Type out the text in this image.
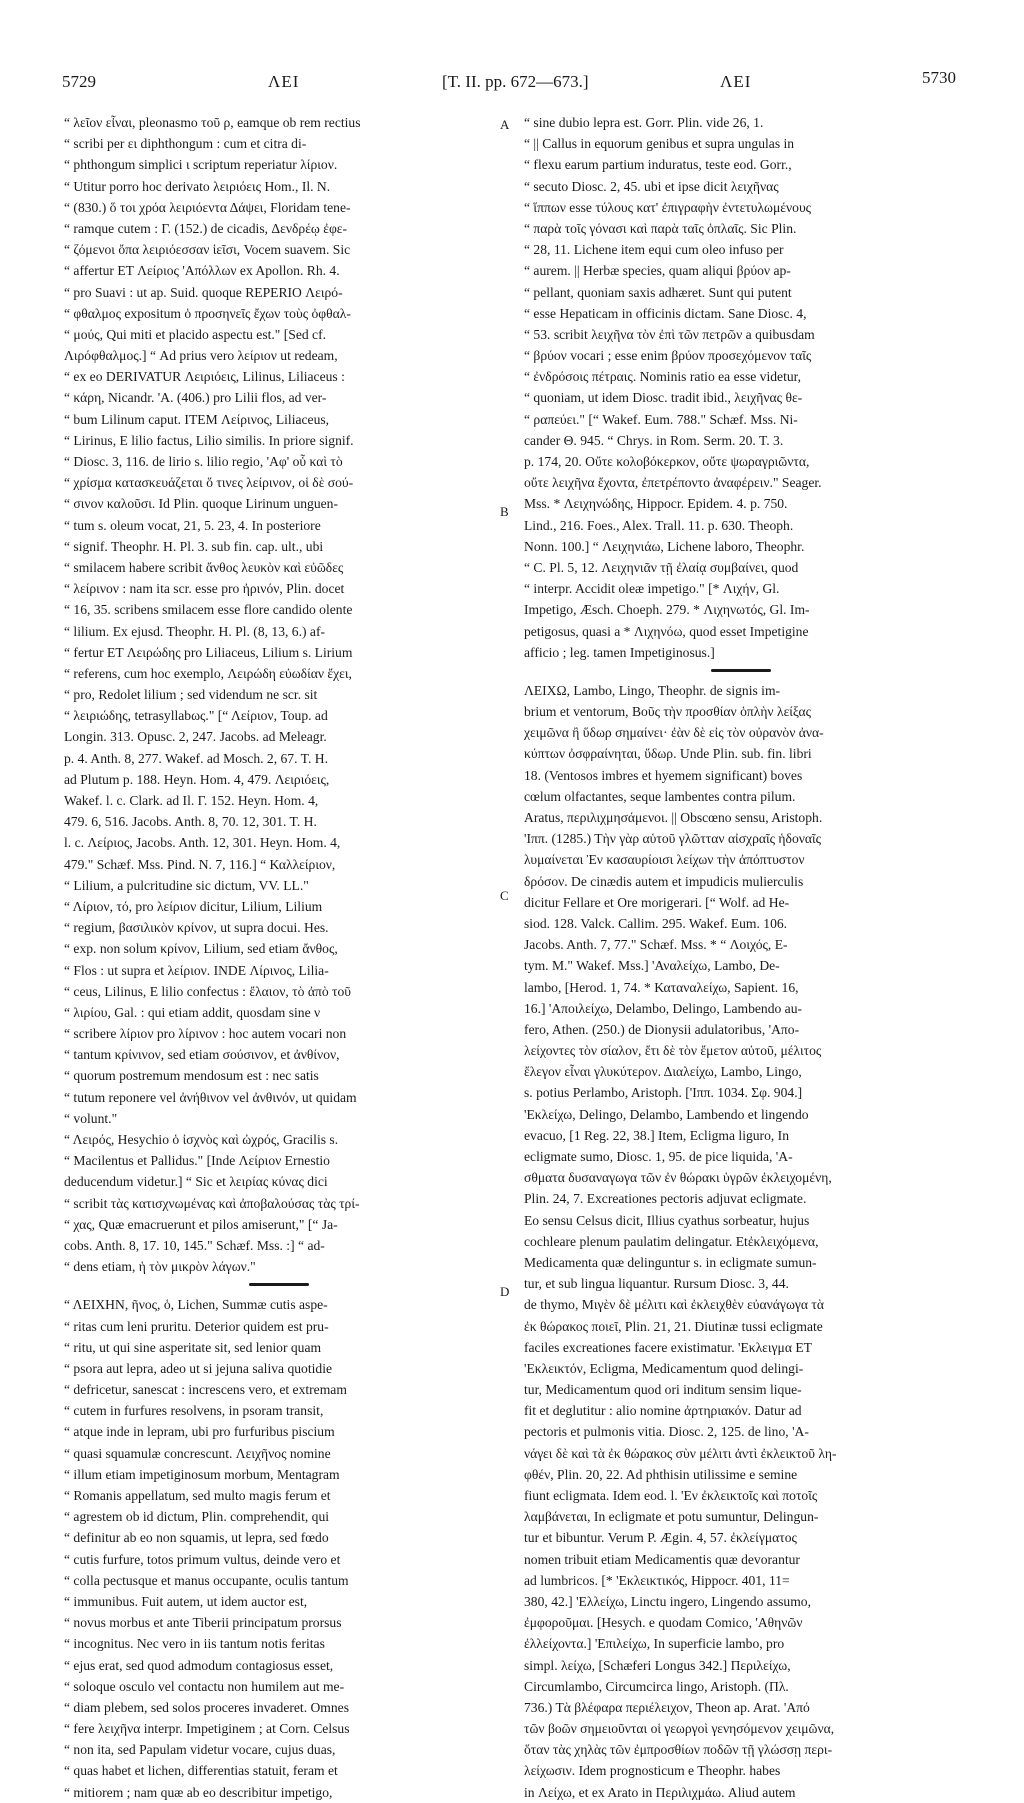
5729	ΛΕΙ	[T. II. pp. 672—673.]	ΛΕΙ	5730
A
B
C
D
“ λεῖον εἶναι, pleonasmo τοῦ ρ, eamque ob rem rectius
“ scribi per ει diphthongum : cum et citra di-
“ phthongum simplici ι scriptum reperiatur λίριον.
“ Utitur porro hoc derivato λειριόεις Hom., Il. N.
“ (830.) ὅ τοι χρόα λειριόεντα Δάψει, Floridam tene-
“ ramque cutem : Γ. (152.) de cicadis, Δενδρέῳ ἐφε-
“ ζόμενοι ὄπα λειριόεσσαν ἱεῖσι, Vocem suavem. Sic
“ affertur ET Λείριος 'Απόλλων ex Apollon. Rh. 4.
“ pro Suavi : ut ap. Suid. quoque REPERIO Λειρό-
“ φθαλμος expositum ὁ προσηνεῖς ἔχων τοὺς ὀφθαλ-
“ μούς, Qui miti et placido aspectu est." [Sed cf.
Λιρόφθαλμος.] “ Ad prius vero λείριον ut redeam,
“ ex eo DERIVATUR Λειριόεις, Lilinus, Liliaceus :
“ κάρη, Nicandr. 'Α. (406.) pro Lilii flos, ad ver-
“ bum Lilinum caput. ITEM Λείρινος, Liliaceus,
“ Lirinus, E lilio factus, Lilio similis. In priore signif.
“ Diosc. 3, 116. de lirio s. lilio regio, 'Αφ' οὗ καὶ τὸ
“ χρίσμα κατασκευάζεται ὅ τινες λείρινον, οἱ δὲ σού-
“ σινον καλοῦσι. Id Plin. quoque Lirinum unguen-
“ tum s. oleum vocat, 21, 5. 23, 4. In posteriore
“ signif. Theophr. H. Pl. 3. sub fin. cap. ult., ubi
“ smilacem habere scribit ἄνθος λευκὸν καὶ εὐῶδες
“ λείρινον : nam ita scr. esse pro ἠρινόν, Plin. docet
“ 16, 35. scribens smilacem esse flore candido olente
“ lilium. Ex ejusd. Theophr. H. Pl. (8, 13, 6.) af-
“ fertur ET Λειρώδης pro Liliaceus, Lilium s. Lirium
“ referens, cum hoc exemplo, Λειρώδη εὐωδίαν ἔχει,
“ pro, Redolet lilium ; sed videndum ne scr. sit
“ λειριώδης, tetrasyllabως." [“ Λείριον, Toup. ad
Longin. 313. Opusc. 2, 247. Jacobs. ad Meleagr.
p. 4. Anth. 8, 277. Wakef. ad Mosch. 2, 67. T. H.
ad Plutum p. 188. Heyn. Hom. 4, 479. Λειριόεις,
Wakef. l. c. Clark. ad Il. Γ. 152. Heyn. Hom. 4,
479. 6, 516. Jacobs. Anth. 8, 70. 12, 301. T. H.
l. c. Λείριος, Jacobs. Anth. 12, 301. Heyn. Hom. 4,
479." Schæf. Mss. Pind. N. 7, 116.] “ Καλλείριον,
“ Lilium, a pulcritudine sic dictum, VV. LL."
“ Λίριον, τό, pro λείριον dicitur, Lilium, Lilium
“ regium, βασιλικὸν κρίνον, ut supra docui. Hes.
“ exp. non solum κρίνον, Lilium, sed etiam ἄνθος,
“ Flos : ut supra et λείριον. INDE Λίρινος, Lilia-
“ ceus, Lilinus, E lilio confectus : ἔλαιον, τὸ ἀπὸ τοῦ
“ λιρίου, Gal. : qui etiam addit, quosdam sine ν
“ scribere λίριον pro λίρινον : hoc autem vocari non
“ tantum κρίνινον, sed etiam σούσινον, et ἀνθίνον,
“ quorum postremum mendosum est : nec satis
“ tutum reponere vel ἀνήθινον vel ἀνθινόν, ut quidam
“ volunt."
“ Λειρός, Hesychio ὁ ἰσχνὸς καὶ ὠχρός, Gracilis s.
“ Macilentus et Pallidus." [Inde Λείριον Ernestio
deducendum videtur.] “ Sic et λειρίας κύνας dici
“ scribit τὰς κατισχνωμένας καὶ ἀποβαλούσας τὰς τρί-
“ χας, Quæ emacruerunt et pilos amiserunt," [“ Ja-
cobs. Anth. 8, 17. 10, 145." Schæf. Mss. :] “ ad-
“ dens etiam, ἡ τὸν μικρὸν λάγων."
“ ΛΕΙΧΗΝ, ῆνος, ὁ, Lichen, Summæ cutis aspe-
“ ritas cum leni pruritu. Deterior quidem est pru-
“ ritu, ut qui sine asperitate sit, sed lenior quam
“ psora aut lepra, adeo ut si jejuna saliva quotidie
“ defricetur, sanescat : increscens vero, et extremam
“ cutem in furfures resolvens, in psoram transit,
“ atque inde in lepram, ubi pro furfuribus piscium
“ quasi squamulæ concrescunt. Λειχῆνος nomine
“ illum etiam impetiginosum morbum, Mentagram
“ Romanis appellatum, sed multo magis ferum et
“ agrestem ob id dictum, Plin. comprehendit, qui
“ definitur ab eo non squamis, ut lepra, sed fœdo
“ cutis furfure, totos primum vultus, deinde vero et
“ colla pectusque et manus occupante, oculis tantum
“ immunibus. Fuit autem, ut idem auctor est,
“ novus morbus et ante Tiberii principatum prorsus
“ incognitus. Nec vero in iis tantum notis feritas
“ ejus erat, sed quod admodum contagiosus esset,
“ soloque osculo vel contactu non humilem aut me-
“ diam plebem, sed solos proceres invaderet. Omnes
“ fere λειχῆνα interpr. Impetiginem ; at Corn. Celsus
“ non ita, sed Papulam videtur vocare, cujus duas,
“ quas habet et lichen, differentias statuit, feram et
“ mitiorem ; nam quæ ab eo describitur impetigo,
“ sine dubio lepra est. Gorr. Plin. vide 26, 1.
“ || Callus in equorum genibus et supra ungulas in
“ flexu earum partium induratus, teste eod. Gorr.,
“ secuto Diosc. 2, 45. ubi et ipse dicit λειχῆνας
“ ἵππων esse τύλους κατ' ἐπιγραφὴν ἐντετυλωμένους
“ παρὰ τοῖς γόνασι καὶ παρὰ ταῖς ὁπλαῖς. Sic Plin.
“ 28, 11. Lichene item equi cum oleo infuso per
“ aurem. || Herbæ species, quam aliqui βρύον ap-
“ pellant, quoniam saxis adhæret. Sunt qui putent
“ esse Hepaticam in officinis dictam. Sane Diosc. 4,
“ 53. scribit λειχῆνα τὸν ἐπὶ τῶν πετρῶν a quibusdam
“ βρύον vocari ; esse enim βρύον προσεχόμενον ταῖς
“ ἐνδρόσοις πέτραις. Nominis ratio ea esse videtur,
“ quoniam, ut idem Diosc. tradit ibid., λειχῆνας θε-
“ ραπεύει." [“ Wakef. Eum. 788." Schæf. Mss. Ni-
cander Θ. 945. “ Chrys. in Rom. Serm. 20. T. 3.
p. 174, 20. Οὔτε κολοβόκερκον, οὔτε ψωραγριῶντα,
οὔτε λειχῆνα ἔχοντα, ἐπετρέποντο ἀναφέρειν." Seager.
Mss. * Λειχηνώδης, Hippocr. Epidem. 4. p. 750.
Lind., 216. Foes., Alex. Trall. 11. p. 630. Theoph.
Nonn. 100.] “ Λειχηνιάω, Lichene laboro, Theophr.
“ C. Pl. 5, 12. Λειχηνιᾶν τῇ ἐλαίᾳ συμβαίνει, quod
“ interpr. Accidit oleæ impetigo." [* Λιχήν, Gl.
Impetigo, Æsch. Choeph. 279. * Λιχηνωτός, Gl. Im-
petigosus, quasi a * Λιχηνόω, quod esset Impetigine
afficio ; leg. tamen Impetiginosus.]
ΛΕΙΧΩ, Lambo, Lingo, Theophr. de signis im-
brium et ventorum, Βοῦς τὴν προσθίαν ὁπλὴν λείξας
χειμῶνα ἢ ὕδωρ σημαίνει· ἐὰν δὲ εἰς τὸν οὐρανὸν ἀνα-
κύπτων ὀσφραίνηται, ὕδωρ. Unde Plin. sub. fin. libri
18. (Ventosos imbres et hyemem significant) boves
cœlum olfactantes, seque lambentes contra pilum.
Aratus, περιλιχμησάμενοι. || Obscœno sensu, Aristoph.
'Ιππ. (1285.) Τὴν γὰρ αὑτοῦ γλῶτταν αἰσχραῖς ἡδοναῖς
λυμαίνεται Ἐν κασαυρίοισι λείχων τὴν ἀπόπτυστον
δρόσον. De cinædis autem et impudicis mulierculis
dicitur Fellare et Ore morigerari. [“ Wolf. ad He-
siod. 128. Valck. Callim. 295. Wakef. Eum. 106.
Jacobs. Anth. 7, 77." Schæf. Mss. * “ Λοιχός, E-
tym. M." Wakef. Mss.] 'Αναλείχω, Lambo, De-
lambo, [Herod. 1, 74. * Καταναλείχω, Sapient. 16,
16.] 'Αποιλείχω, Delambo, Delingo, Lambendo au-
fero, Athen. (250.) de Dionysii adulatoribus, 'Απο-
λείχοντες τὸν σίαλον, ἔτι δὲ τὸν ἔμετον αὐτοῦ, μέλιτος
ἔλεγον εἶναι γλυκύτερον. Διαλείχω, Lambo, Lingo,
s. potius Perlambo, Aristoph. ['Ιππ. 1034. Σφ. 904.]
'Εκλείχω, Delingo, Delambo, Lambendo et lingendo
evacuo, [1 Reg. 22, 38.] Item, Ecligma liguro, In
ecligmate sumo, Diosc. 1, 95. de pice liquida, 'Α-
σθματα δυσαναγωγα τῶν ἐν θώρακι ὑγρῶν ἐκλειχομένη,
Plin. 24, 7. Excreationes pectoris adjuvat ecligmate.
Eo sensu Celsus dicit, Illius cyathus sorbeatur, hujus
cochleare plenum paulatim delingatur. Etἐκλειχόμενα,
Medicamenta quæ delinguntur s. in ecligmate sumun-
tur, et sub lingua liquantur. Rursum Diosc. 3, 44.
de thymo, Μιγὲν δὲ μέλιτι καὶ ἐκλειχθὲν εὐανάγωγα τὰ
ἐκ θώρακος ποιεῖ, Plin. 21, 21. Diutinæ tussi ecligmate
faciles excreationes facere existimatur. 'Εκλειγμα ET
'Εκλεικτόν, Ecligma, Medicamentum quod delingi-
tur, Medicamentum quod ori inditum sensim lique-
fit et deglutitur : alio nomine ἀρτηριακόν. Datur ad
pectoris et pulmonis vitia. Diosc. 2, 125. de lino, 'Α-
νάγει δὲ καὶ τὰ ἐκ θώρακος σὺν μέλιτι ἀντὶ ἐκλεικτοῦ λη-
φθέν, Plin. 20, 22. Ad phthisin utilissime e semine
fiunt ecligmata. Idem eod. l. 'Εν ἐκλεικτοῖς καὶ ποτοῖς
λαμβάνεται, In ecligmate et potu sumuntur, Delingun-
tur et bibuntur. Verum P. Ægin. 4, 57. ἐκλείγματος
nomen tribuit etiam Medicamentis quæ devorantur
ad lumbricos. [* 'Εκλεικτικός, Hippocr. 401, 11=
380, 42.] 'Ελλείχω, Linctu ingero, Lingendo assumo,
ἐμφοροῦμαι. [Hesych. e quodam Comico, 'Αθηνῶν
ἐλλείχοντα.] 'Επιλείχω, In superficie lambo, pro
simpl. λείχω, [Schæferi Longus 342.] Περιλείχω,
Circumlambo, Circumcirca lingo, Aristoph. (Πλ.
736.) Τὰ βλέφαρα περιέλειχον, Theon ap. Arat. 'Από
τῶν βοῶν σημειοῦνται οἱ γεωργοὶ γενησόμενον χειμῶνα,
ὅταν τὰς χηλὰς τῶν ἐμπροσθίων ποδῶν τῇ γλώσσῃ περι-
λείχωσιν. Idem prognosticum e Theophr. habes
in Λείχω, et ex Arato in Περιλιχμάω. Aliud autem
